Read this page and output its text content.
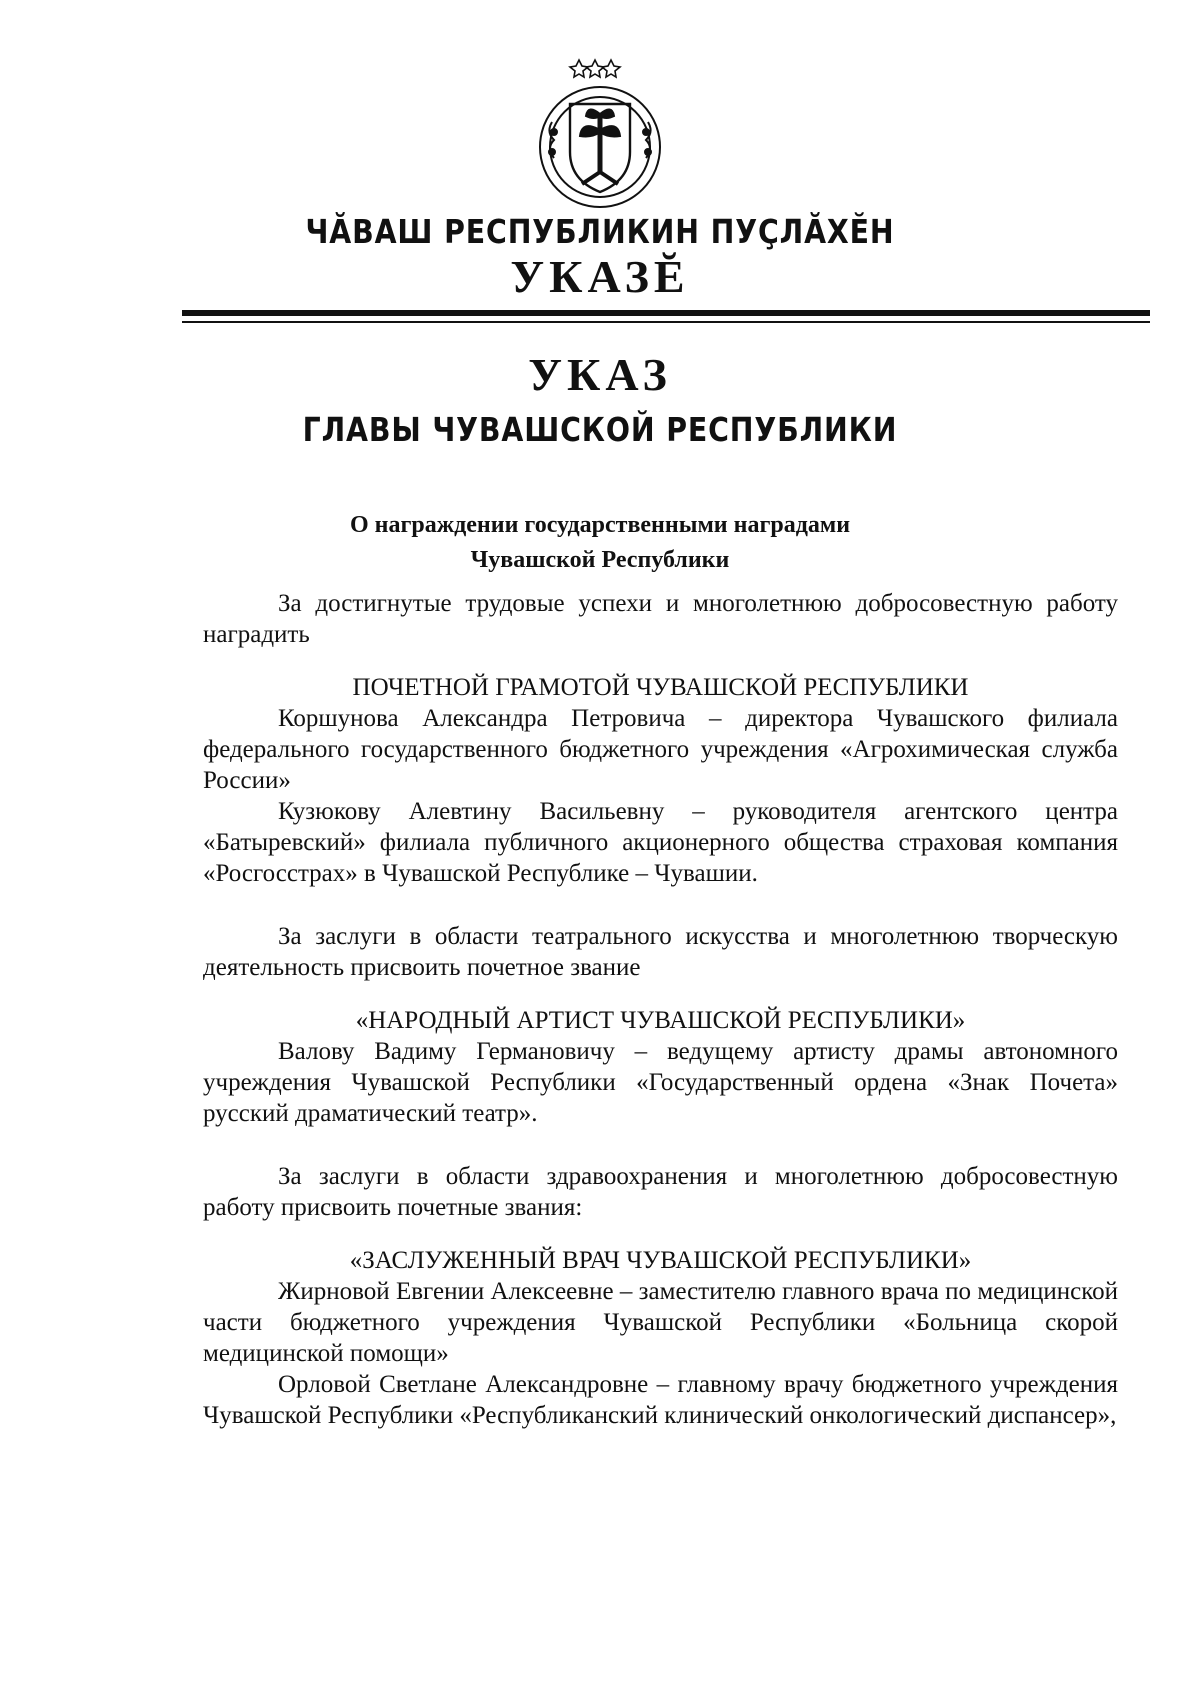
ЧĂВАШ РЕСПУБЛИКИН ПУÇЛĂХĔН
УКАЗĔ
УКАЗ
ГЛАВЫ ЧУВАШСКОЙ РЕСПУБЛИКИ
О награждении государственными наградами
Чувашской Республики

За достигнутые трудовые успехи и многолетнюю добросовестную работу наградить

ПОЧЕТНОЙ ГРАМОТОЙ ЧУВАШСКОЙ РЕСПУБЛИКИ

Коршунова Александра Петровича – директора Чувашского филиала федерального государственного бюджетного учреждения «Агрохимическая служба России»

Кузюкову Алевтину Васильевну – руководителя агентского центра «Батыревский» филиала публичного акционерного общества страховая компания «Росгосстрах» в Чувашской Республике – Чувашии.

За заслуги в области театрального искусства и многолетнюю творческую деятельность присвоить почетное звание

«НАРОДНЫЙ АРТИСТ ЧУВАШСКОЙ РЕСПУБЛИКИ»

Валову Вадиму Германовичу – ведущему артисту драмы автономного учреждения Чувашской Республики «Государственный ордена «Знак Почета» русский драматический театр».

За заслуги в области здравоохранения и многолетнюю добросовестную работу присвоить почетные звания:

«ЗАСЛУЖЕННЫЙ ВРАЧ ЧУВАШСКОЙ РЕСПУБЛИКИ»

Жирновой Евгении Алексеевне – заместителю главного врача по медицинской части бюджетного учреждения Чувашской Республики «Больница скорой медицинской помощи»

Орловой Светлане Александровне – главному врачу бюджетного учреждения Чувашской Республики «Республиканский клинический онкологический диспансер»,
